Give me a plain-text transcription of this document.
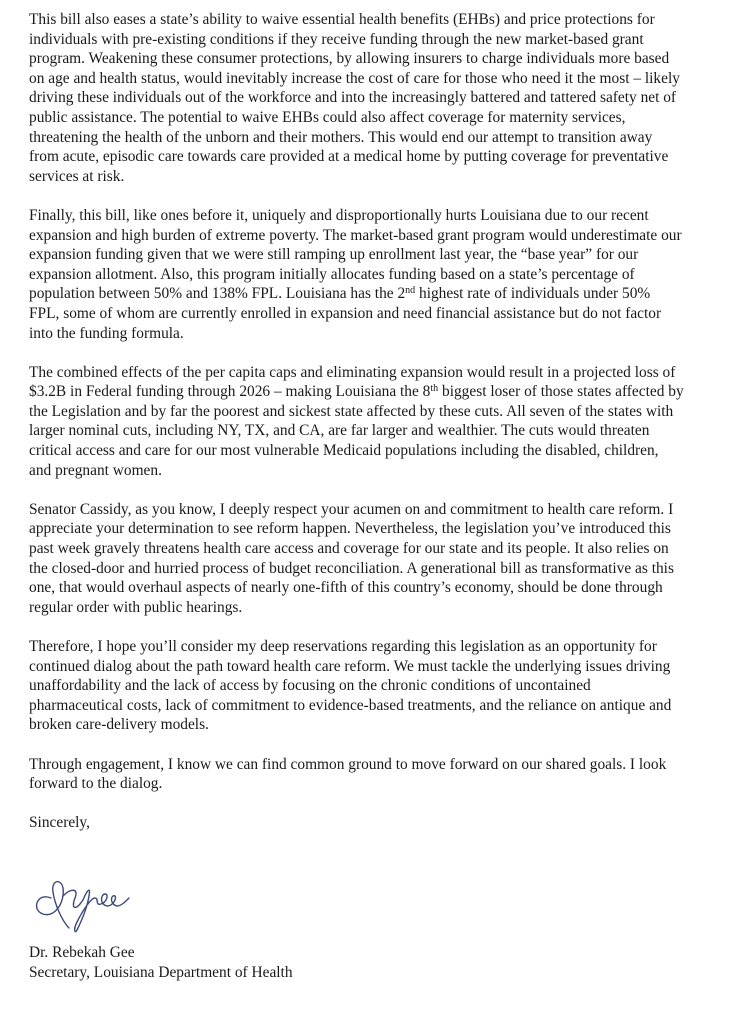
This bill also eases a state’s ability to waive essential health benefits (EHBs) and price protections for
individuals with pre-existing conditions if they receive funding through the new market-based grant
program. Weakening these consumer protections, by allowing insurers to charge individuals more based
on age and health status, would inevitably increase the cost of care for those who need it the most – likely
driving these individuals out of the workforce and into the increasingly battered and tattered safety net of
public assistance. The potential to waive EHBs could also affect coverage for maternity services,
threatening the health of the unborn and their mothers. This would end our attempt to transition away
from acute, episodic care towards care provided at a medical home by putting coverage for preventative
services at risk.

Finally, this bill, like ones before it, uniquely and disproportionally hurts Louisiana due to our recent
expansion and high burden of extreme poverty. The market-based grant program would underestimate our
expansion funding given that we were still ramping up enrollment last year, the “base year” for our
expansion allotment. Also, this program initially allocates funding based on a state’s percentage of
population between 50% and 138% FPL. Louisiana has the 2nd highest rate of individuals under 50%
FPL, some of whom are currently enrolled in expansion and need financial assistance but do not factor
into the funding formula.

The combined effects of the per capita caps and eliminating expansion would result in a projected loss of
$3.2B in Federal funding through 2026 – making Louisiana the 8th biggest loser of those states affected by
the Legislation and by far the poorest and sickest state affected by these cuts. All seven of the states with
larger nominal cuts, including NY, TX, and CA, are far larger and wealthier. The cuts would threaten
critical access and care for our most vulnerable Medicaid populations including the disabled, children,
and pregnant women.

Senator Cassidy, as you know, I deeply respect your acumen on and commitment to health care reform. I
appreciate your determination to see reform happen. Nevertheless, the legislation you’ve introduced this
past week gravely threatens health care access and coverage for our state and its people. It also relies on
the closed-door and hurried process of budget reconciliation. A generational bill as transformative as this
one, that would overhaul aspects of nearly one-fifth of this country’s economy, should be done through
regular order with public hearings.

Therefore, I hope you’ll consider my deep reservations regarding this legislation as an opportunity for
continued dialog about the path toward health care reform. We must tackle the underlying issues driving
unaffordability and the lack of access by focusing on the chronic conditions of uncontained
pharmaceutical costs, lack of commitment to evidence-based treatments, and the reliance on antique and
broken care-delivery models.

Through engagement, I know we can find common ground to move forward on our shared goals. I look
forward to the dialog.

Sincerely,

Dr. Rebekah Gee
Secretary, Louisiana Department of Health
